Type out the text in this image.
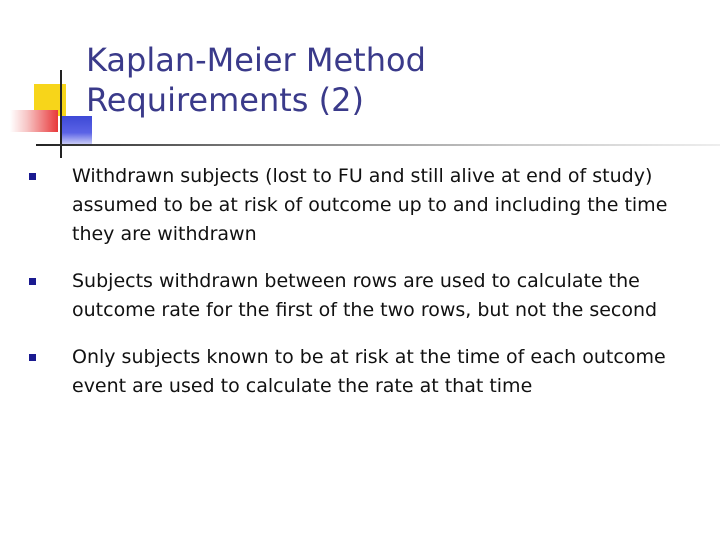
Kaplan-Meier Method
Requirements (2)
Withdrawn subjects (lost to FU and still alive at end of study) assumed to be at risk of outcome up to and including the time they are withdrawn
Subjects withdrawn between rows are used to calculate the outcome rate for the first of the two rows, but not the second
Only subjects known to be at risk at the time of each outcome event are used to calculate the rate at that time
